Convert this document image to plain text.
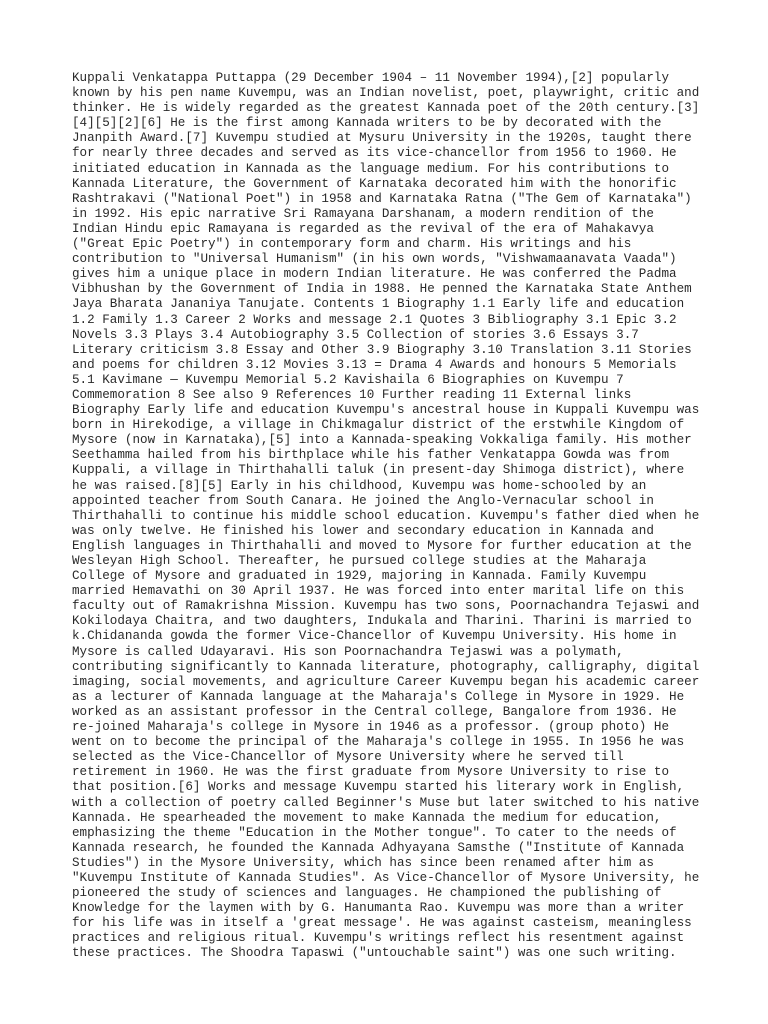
Kuppali Venkatappa Puttappa (29 December 1904 – 11 November 1994),[2] popularly
known by his pen name Kuvempu, was an Indian novelist, poet, playwright, critic and
thinker. He is widely regarded as the greatest Kannada poet of the 20th century.[3]
[4][5][2][6] He is the first among Kannada writers to be by decorated with the
Jnanpith Award.[7] Kuvempu studied at Mysuru University in the 1920s, taught there
for nearly three decades and served as its vice-chancellor from 1956 to 1960. He
initiated education in Kannada as the language medium. For his contributions to
Kannada Literature, the Government of Karnataka decorated him with the honorific
Rashtrakavi ("National Poet") in 1958 and Karnataka Ratna ("The Gem of Karnataka")
in 1992. His epic narrative Sri Ramayana Darshanam, a modern rendition of the
Indian Hindu epic Ramayana is regarded as the revival of the era of Mahakavya
("Great Epic Poetry") in contemporary form and charm. His writings and his
contribution to "Universal Humanism" (in his own words, "Vishwamaanavata Vaada")
gives him a unique place in modern Indian literature. He was conferred the Padma
Vibhushan by the Government of India in 1988. He penned the Karnataka State Anthem
Jaya Bharata Jananiya Tanujate. Contents 1 Biography 1.1 Early life and education
1.2 Family 1.3 Career 2 Works and message 2.1 Quotes 3 Bibliography 3.1 Epic 3.2
Novels 3.3 Plays 3.4 Autobiography 3.5 Collection of stories 3.6 Essays 3.7
Literary criticism 3.8 Essay and Other 3.9 Biography 3.10 Translation 3.11 Stories
and poems for children 3.12 Movies 3.13 = Drama 4 Awards and honours 5 Memorials
5.1 Kavimane — Kuvempu Memorial 5.2 Kavishaila 6 Biographies on Kuvempu 7
Commemoration 8 See also 9 References 10 Further reading 11 External links
Biography Early life and education Kuvempu's ancestral house in Kuppali Kuvempu was
born in Hirekodige, a village in Chikmagalur district of the erstwhile Kingdom of
Mysore (now in Karnataka),[5] into a Kannada-speaking Vokkaliga family. His mother
Seethamma hailed from his birthplace while his father Venkatappa Gowda was from
Kuppali, a village in Thirthahalli taluk (in present-day Shimoga district), where
he was raised.[8][5] Early in his childhood, Kuvempu was home-schooled by an
appointed teacher from South Canara. He joined the Anglo-Vernacular school in
Thirthahalli to continue his middle school education. Kuvempu's father died when he
was only twelve. He finished his lower and secondary education in Kannada and
English languages in Thirthahalli and moved to Mysore for further education at the
Wesleyan High School. Thereafter, he pursued college studies at the Maharaja
College of Mysore and graduated in 1929, majoring in Kannada. Family Kuvempu
married Hemavathi on 30 April 1937. He was forced into enter marital life on this
faculty out of Ramakrishna Mission. Kuvempu has two sons, Poornachandra Tejaswi and
Kokilodaya Chaitra, and two daughters, Indukala and Tharini. Tharini is married to
k.Chidananda gowda the former Vice-Chancellor of Kuvempu University. His home in
Mysore is called Udayaravi. His son Poornachandra Tejaswi was a polymath,
contributing significantly to Kannada literature, photography, calligraphy, digital
imaging, social movements, and agriculture Career Kuvempu began his academic career
as a lecturer of Kannada language at the Maharaja's College in Mysore in 1929. He
worked as an assistant professor in the Central college, Bangalore from 1936. He
re-joined Maharaja's college in Mysore in 1946 as a professor. (group photo) He
went on to become the principal of the Maharaja's college in 1955. In 1956 he was
selected as the Vice-Chancellor of Mysore University where he served till
retirement in 1960. He was the first graduate from Mysore University to rise to
that position.[6] Works and message Kuvempu started his literary work in English,
with a collection of poetry called Beginner's Muse but later switched to his native
Kannada. He spearheaded the movement to make Kannada the medium for education,
emphasizing the theme "Education in the Mother tongue". To cater to the needs of
Kannada research, he founded the Kannada Adhyayana Samsthe ("Institute of Kannada
Studies") in the Mysore University, which has since been renamed after him as
"Kuvempu Institute of Kannada Studies". As Vice-Chancellor of Mysore University, he
pioneered the study of sciences and languages. He championed the publishing of
Knowledge for the laymen with by G. Hanumanta Rao. Kuvempu was more than a writer
for his life was in itself a 'great message'. He was against casteism, meaningless
practices and religious ritual. Kuvempu's writings reflect his resentment against
these practices. The Shoodra Tapaswi ("untouchable saint") was one such writing.
